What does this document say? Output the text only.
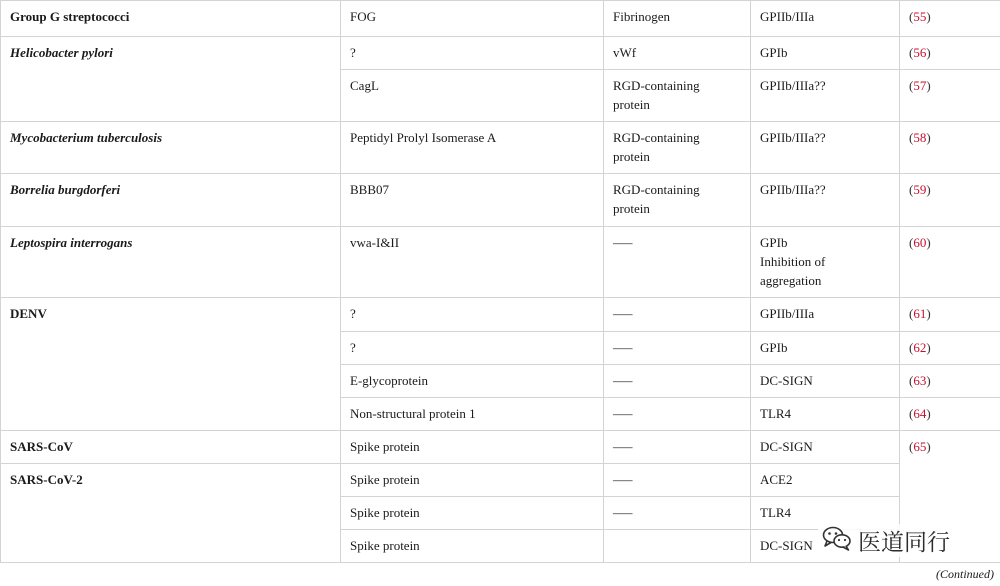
Group G streptococci	FOG	Fibrinogen	GPIIb/IIIa	(55)
Helicobacter pylori	?	vWf	GPIb	(56)
	CagL	RGD-containing
protein	GPIIb/IIIa??	(57)
Mycobacterium tuberculosis	Peptidyl Prolyl Isomerase A	RGD-containing
protein	GPIIb/IIIa??	(58)
Borrelia burgdorferi	BBB07	RGD-containing
protein	GPIIb/IIIa??	(59)
Leptospira interrogans	vwa-I&II	–––	GPIb
Inhibition of
aggregation	(60)
DENV	?	–––	GPIIb/IIIa	(61)
	?	–––	GPIb	(62)
	E-glycoprotein	–––	DC-SIGN	(63)
	Non-structural protein 1	–––	TLR4	(64)
SARS-CoV	Spike protein	–––	DC-SIGN	(65)
SARS-CoV-2	Spike protein	–––	ACE2	

	Spike protein	–––	TLR4	

	Spike protein		DC-SIGN		医道同行
(Continued)
